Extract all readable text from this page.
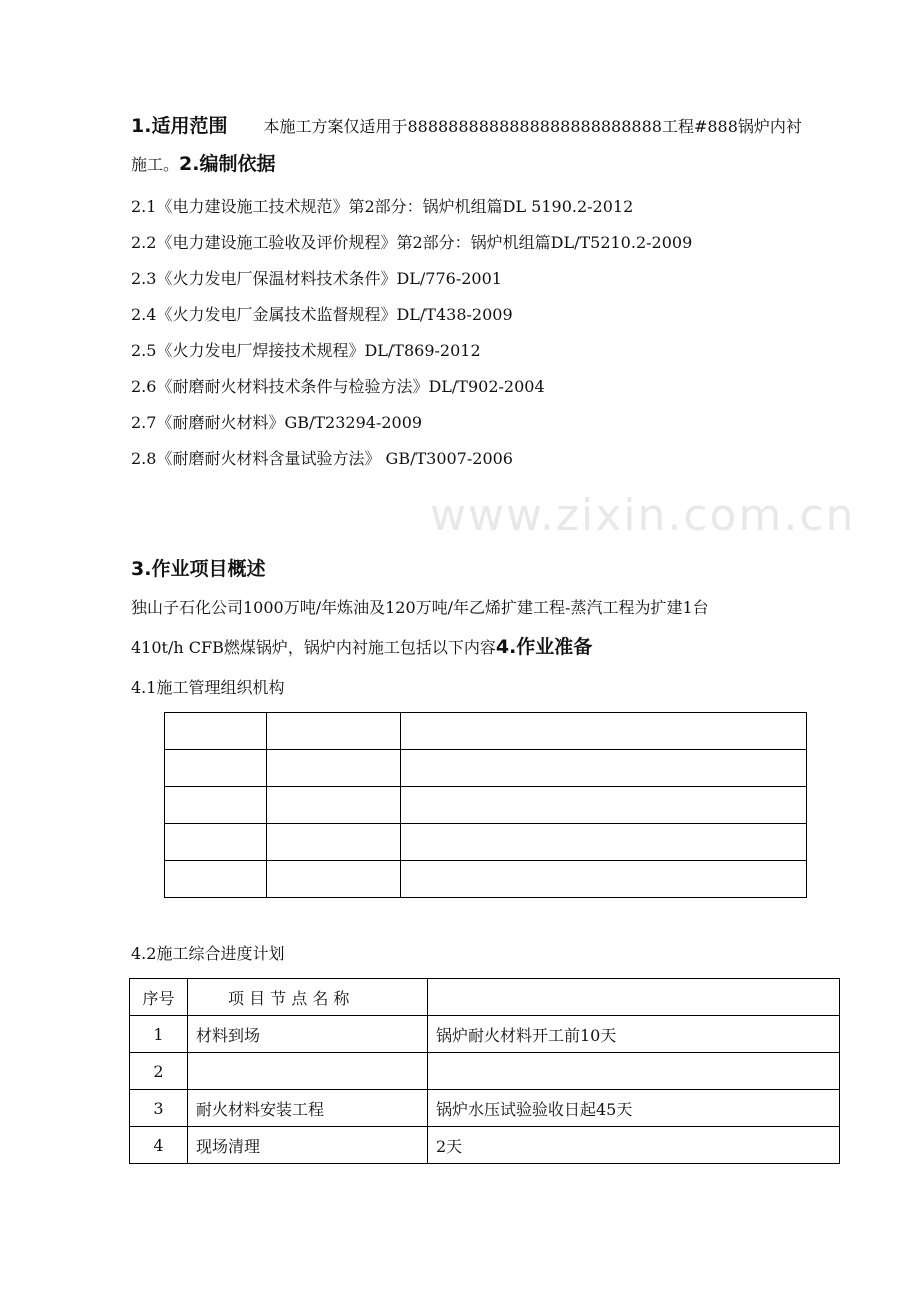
www.zixin.com.cn
1.适用范围 本施工方案仅适用于8888888888888888888888888工程#888锅炉内衬
施工。2.编制依据
2.1《电力建设施工技术规范》第2部分：锅炉机组篇DL 5190.2-2012
2.2《电力建设施工验收及评价规程》第2部分：锅炉机组篇DL/T5210.2-2009
2.3《火力发电厂保温材料技术条件》DL/776-2001
2.4《火力发电厂金属技术监督规程》DL/T438-2009
2.5《火力发电厂焊接技术规程》DL/T869-2012
2.6《耐磨耐火材料技术条件与检验方法》DL/T902-2004
2.7《耐磨耐火材料》GB/T23294-2009
2.8《耐磨耐火材料含量试验方法》 GB/T3007-2006
3.作业项目概述
独山子石化公司1000万吨/年炼油及120万吨/年乙烯扩建工程-蒸汽工程为扩建1台
410t/h CFB燃煤锅炉，锅炉内衬施工包括以下内容4.作业准备
4.1施工管理组织机构

4.2施工综合进度计划
序号	项 目 节 点 名 称	
1	材料到场	锅炉耐火材料开工前10天
2		
3	耐火材料安装工程	锅炉水压试验验收日起45天
4	现场清理	2天
